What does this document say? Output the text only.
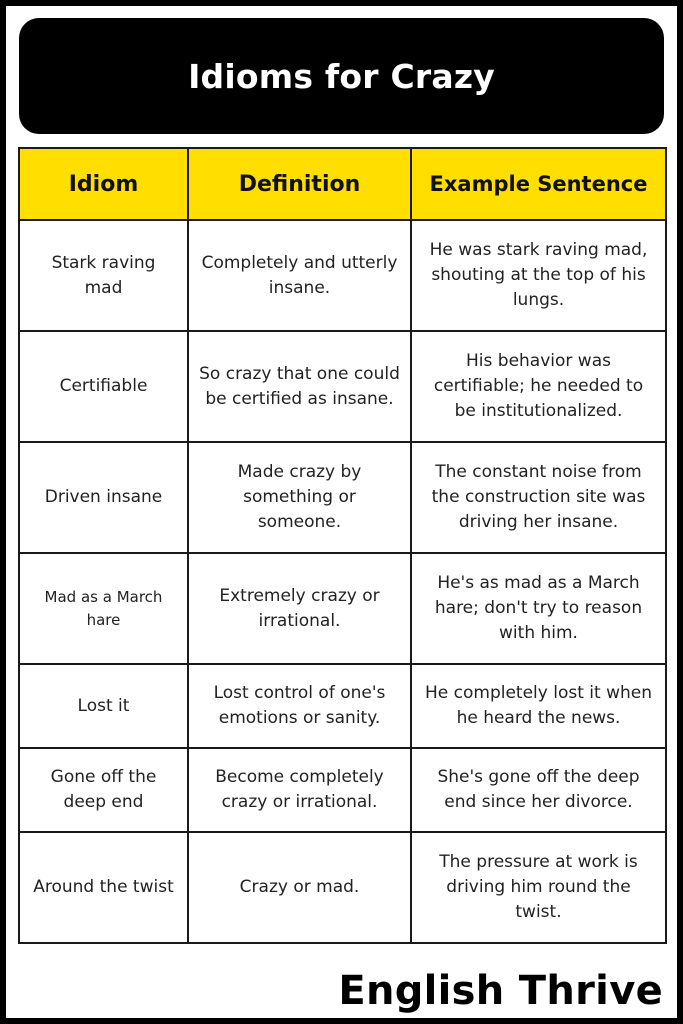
Idioms for Crazy
Idiom	Definition	Example Sentence
Stark raving mad	Completely and utterly insane.	He was stark raving mad, shouting at the top of his lungs.
Certifiable	So crazy that one could be certified as insane.	His behavior was certifiable; he needed to be institutionalized.
Driven insane	Made crazy by something or someone.	The constant noise from the construction site was driving her insane.
Mad as a March hare	Extremely crazy or irrational.	He's as mad as a March hare; don't try to reason with him.
Lost it	Lost control of one's emotions or sanity.	He completely lost it when he heard the news.
Gone off the deep end	Become completely crazy or irrational.	She's gone off the deep end since her divorce.
Around the twist	Crazy or mad.	The pressure at work is driving him round the twist.
English Thrive
